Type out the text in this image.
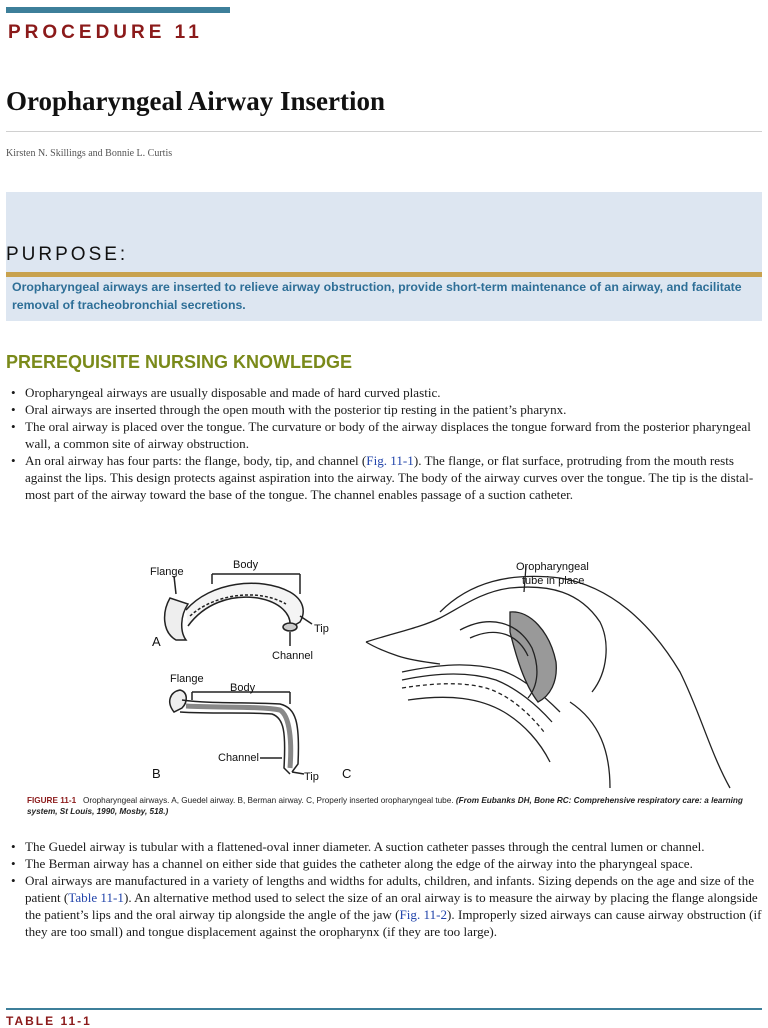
PROCEDURE 11
Oropharyngeal Airway Insertion
Kirsten N. Skillings and Bonnie L. Curtis
PURPOSE:
Oropharyngeal airways are inserted to relieve airway obstruction, provide short-term maintenance of an airway, and facilitate removal of tracheobronchial secretions.
PREREQUISITE NURSING KNOWLEDGE
• Oropharyngeal airways are usually disposable and made of hard curved plastic.
• Oral airways are inserted through the open mouth with the posterior tip resting in the patient’s pharynx.
• The oral airway is placed over the tongue. The curvature or body of the airway displaces the tongue forward from the posterior pharyngeal wall, a common site of airway obstruction.
• An oral airway has four parts: the flange, body, tip, and channel (Fig. 11-1). The flange, or flat surface, protruding from the mouth rests against the lips. This design protects against aspiration into the airway. The body of the airway curves over the tongue. The tip is the distal-most part of the airway toward the base of the tongue. The channel enables passage of a suction catheter.
Flange
Body
Tip
Channel
A
Flange
Body
Channel
Tip
B
Oropharyngeal
tube in place
C
FIGURE 11-1 Oropharyngeal airways. A, Guedel airway. B, Berman airway. C, Properly inserted oropharyngeal tube. (From Eubanks DH, Bone RC: Comprehensive respiratory care: a learning system, St Louis, 1990, Mosby, 518.)
• The Guedel airway is tubular with a flattened-oval inner diameter. A suction catheter passes through the central lumen or channel.
• The Berman airway has a channel on either side that guides the catheter along the edge of the airway into the pharyngeal space.
• Oral airways are manufactured in a variety of lengths and widths for adults, children, and infants. Sizing depends on the age and size of the patient (Table 11-1). An alternative method used to select the size of an oral airway is to measure the airway by placing the flange alongside the patient’s lips and the oral airway tip alongside the angle of the jaw (Fig. 11-2). Improperly sized airways can cause airway obstruction (if they are too small) and tongue displacement against the oropharynx (if they are too large).
TABLE 11-1
